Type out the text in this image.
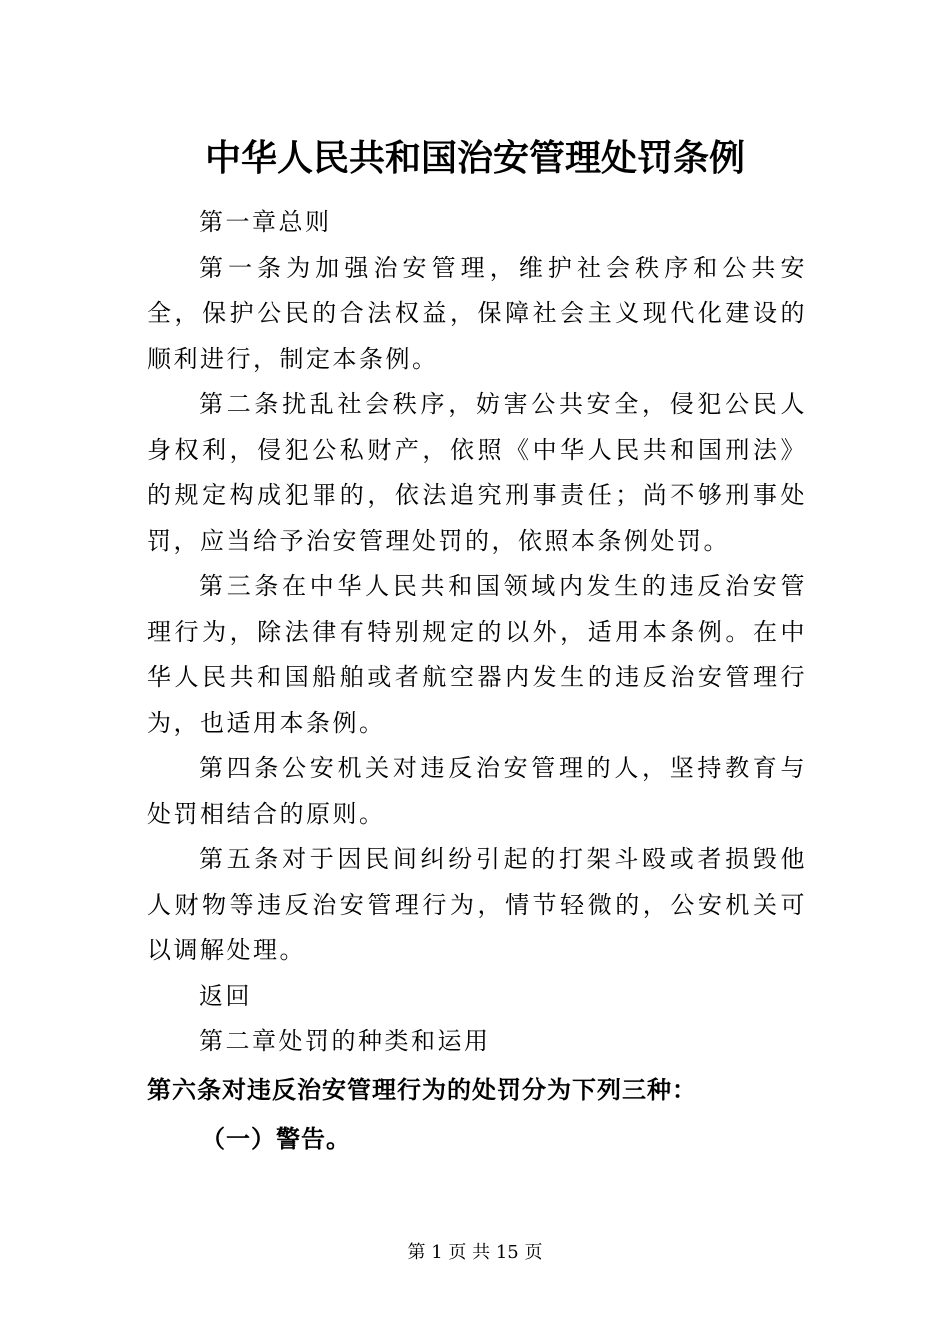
中华人民共和国治安管理处罚条例

第一章总则

第一条为加强治安管理，维护社会秩序和公共安全，保护公民的合法权益，保障社会主义现代化建设的顺利进行，制定本条例。

第二条扰乱社会秩序，妨害公共安全，侵犯公民人身权利，侵犯公私财产，依照《中华人民共和国刑法》的规定构成犯罪的，依法追究刑事责任；尚不够刑事处罚，应当给予治安管理处罚的，依照本条例处罚。

第三条在中华人民共和国领域内发生的违反治安管理行为，除法律有特别规定的以外，适用本条例。在中华人民共和国船舶或者航空器内发生的违反治安管理行为，也适用本条例。

第四条公安机关对违反治安管理的人，坚持教育与处罚相结合的原则。

第五条对于因民间纠纷引起的打架斗殴或者损毁他人财物等违反治安管理行为，情节轻微的，公安机关可以调解处理。

返回

第二章处罚的种类和运用

第六条对违反治安管理行为的处罚分为下列三种：

（一）警告。

第 1 页 共 15 页
